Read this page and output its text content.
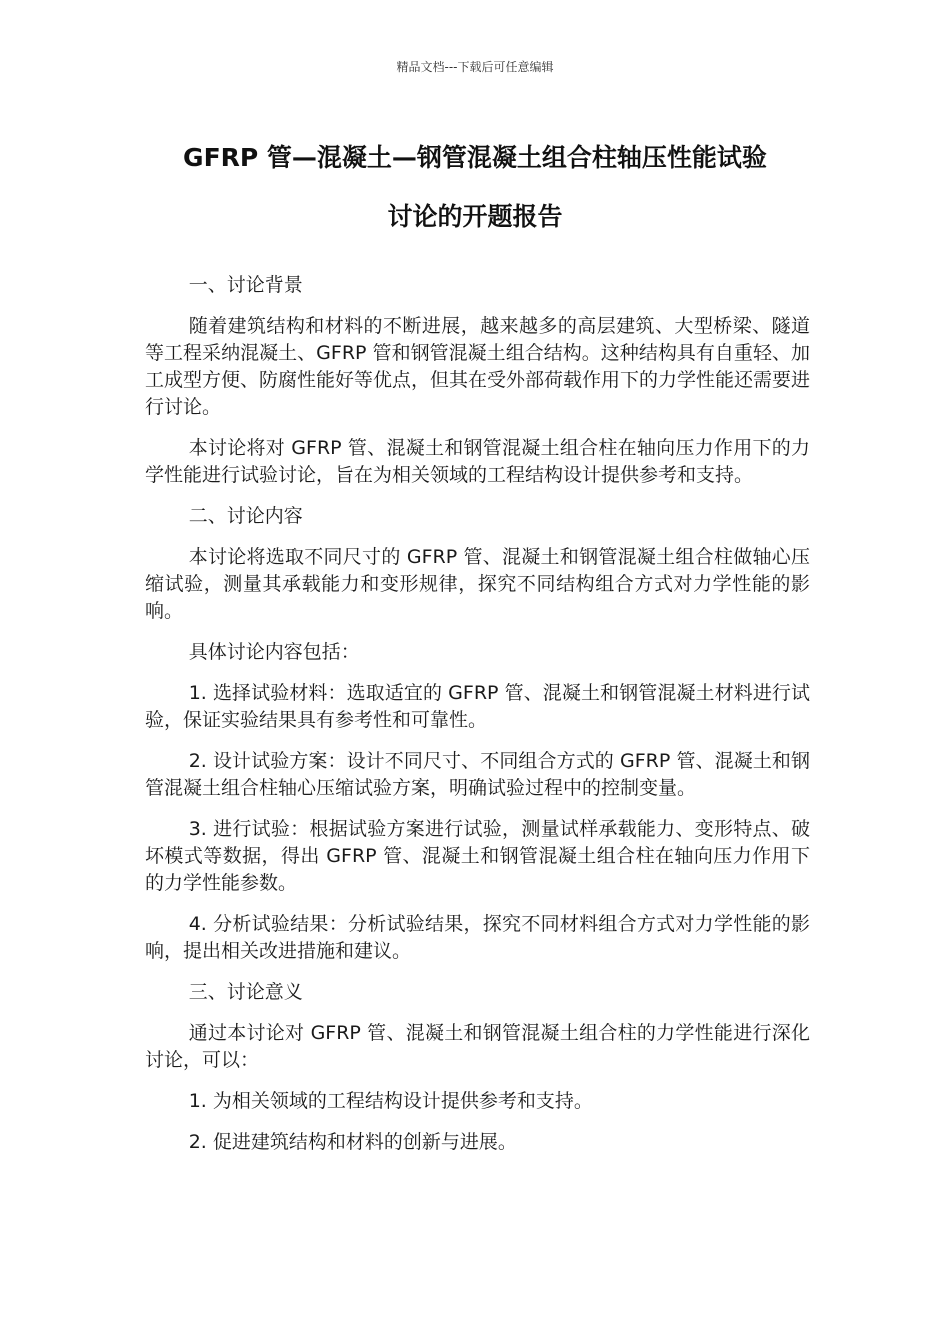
精品文档---下载后可任意编辑
GFRP 管—混凝土—钢管混凝土组合柱轴压性能试验
讨论的开题报告

一、讨论背景

随着建筑结构和材料的不断进展，越来越多的高层建筑、大型桥梁、隧道等工程采纳混凝土、GFRP 管和钢管混凝土组合结构。这种结构具有自重轻、加工成型方便、防腐性能好等优点，但其在受外部荷载作用下的力学性能还需要进行讨论。

本讨论将对 GFRP 管、混凝土和钢管混凝土组合柱在轴向压力作用下的力学性能进行试验讨论，旨在为相关领域的工程结构设计提供参考和支持。

二、讨论内容

本讨论将选取不同尺寸的 GFRP 管、混凝土和钢管混凝土组合柱做轴心压缩试验，测量其承载能力和变形规律，探究不同结构组合方式对力学性能的影响。

具体讨论内容包括：

1. 选择试验材料：选取适宜的 GFRP 管、混凝土和钢管混凝土材料进行试验，保证实验结果具有参考性和可靠性。

2. 设计试验方案：设计不同尺寸、不同组合方式的 GFRP 管、混凝土和钢管混凝土组合柱轴心压缩试验方案，明确试验过程中的控制变量。

3. 进行试验：根据试验方案进行试验，测量试样承载能力、变形特点、破坏模式等数据，得出 GFRP 管、混凝土和钢管混凝土组合柱在轴向压力作用下的力学性能参数。

4. 分析试验结果：分析试验结果，探究不同材料组合方式对力学性能的影响，提出相关改进措施和建议。

三、讨论意义

通过本讨论对 GFRP 管、混凝土和钢管混凝土组合柱的力学性能进行深化讨论，可以：

1. 为相关领域的工程结构设计提供参考和支持。

2. 促进建筑结构和材料的创新与进展。
